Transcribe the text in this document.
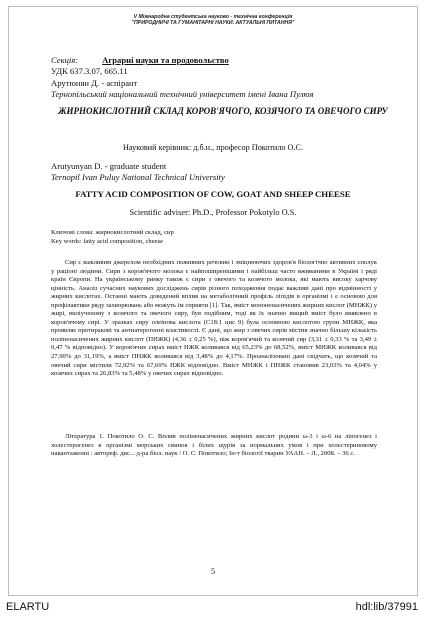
V Міжнародна студентська науково - технічна конференція
"ПРИРОДНИЧІ ТА ГУМАНІТАРНІ НАУКИ. АКТУАЛЬНІ ПИТАННЯ"

Секція:	Аграрні науки та продовольство

УДК 637.3.07, 665.11

Арутюнян Д. - аспірант

Тернопільський національний технічний університет імені Івана Пулюя

ЖИРНОКИСЛОТНИЙ СКЛАД КОРОВ'ЯЧОГО, КОЗЯЧОГО ТА ОВЕЧОГО СИРУ

Науковий керівник: д.б.н., професор Покотило О.С.

Arutyunyan D. - graduate student

Ternopil Ivan Puluy National Technical University

FATTY ACID COMPOSITION OF COW, GOAT AND SHEEP CHEESE

Scientific adviser: Ph.D., Professor Pokotylo O.S.

Ключові слова: жирнокислотний склад, сир
Key words: fatty acid composition, cheese

Сир є важливим джерелом необхідних поживних речовин і зміцнюючих здоров'я біологічно активних сполук у раціоні людини. Сири з коров'ячого молока є найпоширенішими і найбільш часто вживаними в Україні і ряді країн Європи. На українському ринку також є сири з овечого та козячого молока, які мають високу харчову цінність. Аналіз сучасних наукових досліджень сирів різного походження подає важливі дані про відмінності у жирних кислотах. Останні мають доведений вплив на метаболічний профіль ліпідів в організмі і є основою для профілактики ряду захворювань або можуть їм сприяти [1]. Так, вміст мононенасичених жирних кислот (МНЖК) у жирі, виліученому з козячого та овечого сиру, був подібним, тоді як їх значно вищий вміст було виявлено в коров'ячому сирі. У зразках сиру олеїнова кислота (C18:1 цис 9) була основною кислотою групи МНЖК, яка проявляє протиракові та антиатерогенні властивості. Є дані, що жир з овечих сирів містив значно більшу кількість поліненасичених жирних кислот (ПНЖК) (4,36 ± 0,25 %), ніж коров'ячий та козячий сир (3,31 ± 0,33 % та 3,49 ± 0,47 % відповідно). У коров'ячих сирах вміст НЖК коливався від 65,23% до 68,52%, вміст МНЖК коливався від 27,90% до 31,19%, а вміст ПНЖК коливався від 3,48% до 4,17%. Проаналізовані дані свідчать, що козячий та овечий сири містили 72,92% та 67,69% НЖК відповідно. Вміст МНЖК і ПНЖК становив 23,03% та 4,04% у козячих сирах та 26,83% та 5,48% у овечих сирах відповідно.

Література 1. Покотило О. С. Вплив поліненасичених жирних кислот родини ω-3 і ω-6 на ліпогенез і холестерогенез в організмі морських свинок і білих щурів за нормальних умов і при холестериновому навантаженні : автореф. дис... д-ра біол. наук / О. С. Покотило; Ін-т біології тварин УААН. – Л., 2008. – 36 с.

5

ELARTU	hdl:lib/37991
